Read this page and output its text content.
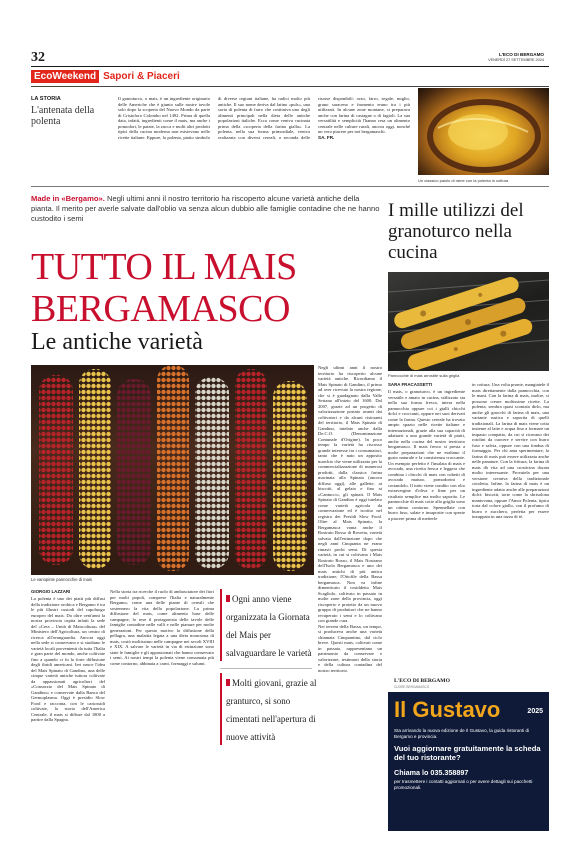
32	L'ECO DI BERGAMO
VENERDÌ 27 SETTEMBRE 2024
EcoWeekend Sapori & Piaceri
LA STORIA
L'antenata della polenta

Il granoturco, o mais, è un ingrediente originario delle Americhe che è giunto sulle nostre tavole solo dopo la scoperta del Nuovo Mondo da parte di Cristoforo Colombo nel 1492. Prima di quella data, infatti, ingredienti come il mais, ma anche i pomodori, le patate, la zucca e molti altri prodotti tipici della cucina moderna non esistevano nelle ricette italiane. Eppure, la polenta, piatto simbolo di diverse regioni italiane, ha radici molto più antiche. Il suo nome deriva dal latino «puls», una sorta di polenta di farro che costituiva uno degli alimenti principali nella dieta delle antiche popolazioni italiche. Ecco come veniva cucinata prima della «scoperta della farina gialla». La polenta, nella sua forma primordiale, veniva realizzata con diversi cereali, a seconda delle risorse disponibili: orzo, farro, segale, miglio, grano saraceno e frumento erano tra i più utilizzati. In alcune zone montane, si preparava anche con farina di castagne o di fagioli. La sua versatilità e semplicità l'hanno resa un alimento centrale nelle culture rurali, ancora oggi, nonché un vero piacere per noi bergamaschi.

SA. FR.

Un classico paiolo di rame con la polenta in cottura
Made in «Bergamo». Negli ultimi anni il nostro territorio ha riscoperto alcune varietà antiche della pianta. Il merito per averle salvate dall'oblio va senza alcun dubbio alle famiglie contadine che ne hanno custodito i semi
TUTTO IL MAIS
BERGAMASCO
Le antiche varietà
I mille utilizzi del granoturco nella cucina
Pannocchie di mais arrostite sulla griglia
SARA FRACASSETTI

Il mais, o granoturco, è un ingrediente versatile e amato in cucina, utilizzato sia nella sua forma fresca, intera nella pannocchia oppure coi i gialli chicchi dolci e croccanti, oppure nei suoi derivati come la farina. Questo cereale ha trovato ampio spazio nelle ricette italiane e internazionali, grazie alla sua capacità di adattarsi a una grande varietà di piatti, anche nella cucina del nostro territorio bergamasco. Il mais fresco si presta a molte preparazioni che ne esaltano il gusto naturale e la consistenza croccante. Un esempio perfetto è l'insalata di mais e avocado, una ricetta fresca e leggera che combina i chicchi di mais con cubetti di avocado maturo, pomodorini e coriandolo. Il tutto viene condito con olio extravergine d'oliva e lime per un risultato semplice ma molto saporito. Le pannocchie di mais cotte alla griglia sono un ottimo contorno. Spennellate con burro fuso, salate e insaporite con spezie a piacere prima di metterle

in cottura. Una volta pronte, mangiatele il mais direttamente dalla pannocchia, con le mani. Con la farina di mais, inoltre, si possono creare moltissime ricette. La polenta, sembra quasi scontato dirlo, ma anche gli gnocchi di farina di mais, una variante rustica e saporita di quelli tradizionali. La farina di mais viene cotta insieme al latte e acqua fino a formare un impasto compatto, da cui si ricavano dei rotolini da cuocere e servire con burro fuso e salvia, oppure con una fondua di formaggio. Per chi ama sperimentare, la farina di mais può essere utilizzata anche nelle panature. Con la frittura, la farina di mais dà vita ad una crosticina dorata molto interessante. Provatela per una versione creativa della tradizionale cotoletta. Infine, la farina di mais è un ingrediente adatto anche alle preparazioni dolci: biscotti, torte come la sbrisolona mantovana, oppure l'Amor Polenta, tipica torta dal colore giallo, con il profumo di burro e zucchero, perfetta per essere inzuppata in una tazza di tè.

Le variopinte pannocchie di mais
GIORGIO LAZZARI

La polenta è uno dei piatti più diffusi della tradizione orobica e Bergamo è tra le più illustri custodi del capoluogo europeo del mais. Da oltre cent'anni la nostra provincia ospita infatti la sede del «Crea – Unità di Maiscoltura» del Ministero dell'Agricoltura, un centro di ricerca all'avanguardia. Ancora oggi nella sede si conservano e si studiano le varietà locali provenienti da tutta l'Italia e gran parte del mondo, anche coltivate fino a quando ci fu la forte diffusione degli ibridi americani. Ieri nasce l'idea del Mais Spinato di Gandino, una delle cinque varietà antiche tuttora coltivate da appassionati agricoltori del «Consorzio del Mais Spinato di Gandino» e conservate dalla Banca del Germoplasma. Oggi è presidio Slow Food e racconta, con le cariossidi coltivate, la storia dell'America Centrale, il mais si diffuse dal 1800 a partire dalla Spagna.

Nella storia tra ricerche il ruolo di ambasciatore dei fiori per molti popoli, comprese l'Italia e naturalmente Bergamo, come una delle piante di cereali che sostennero la vita della popolazione. La prima diffusione del mais, come alimento base delle campagne, lo rese il protagonista delle tavole delle famiglie contadine nelle valli e nelle pianure per molte generazioni. Per questo motivo la diffusione della pellagra, una malattia legata a una dieta monotona di mais, costò moltissimo nelle campagne nei secoli XVIII e XIX. A salvare le varietà in via di estinzione sono state le famiglie e gli appassionati che hanno conservato i semi. Ai nostri tempi la polenta viene consumata più come contorno, abbinata a carni, formaggi e salumi.

Ogni anno viene organizzata la Giornata del Mais per salvaguardare le varietà
Molti giovani, grazie al granturco, si sono cimentati nell'apertura di nuove attività

Negli ultimi anni il nostro territorio ha riscoperto alcune varietà antiche. Ricordiamo il Mais Spinato di Gandino, il primo ad aver ricevuto la nostra regione, che si è guadagnato dalla Valle Seriana all'inizio del 1600. Dal 2007, grazie ad un progetto di valorizzazione portato avanti dai coltivatori e da alcuni ristoranti del territorio, il Mais Spinato di Gandino, tutelato anche dalla De.C.O. (Denominazione Comunale d'Origine). In poco tempo la varietà ha riscosso grande interesse tra i consumatori, tanto che è nato un apposito marchio che viene utilizzato per la commercializzazione di numerosi prodotti, dalla classica farina macinata alla Spinata (ancora diffusa oggi), alle gallette, ai biscotti, al gelato e fino ai «Cantucci», gli spinati. Il Mais Spinato di Gandino è oggi tutelato come varietà agricola da conservazione ed è iscritto nel registro dei Presìdi Slow Food. Oltre al Mais Spinato, la Bergamasca vanta anche il Rostrato Rosso di Rovetta, varietà salvata dall'estinzione dopo che negli anni Cinquanta ne erano rimasti pochi semi. Di questa varietà, in cui si coltivano i Mais Rostrato Rosso, il Mais Nostrano dell'Isola Bergamasca e uno dei mais antichi di più antica tradizione, l'Ottofile della Bassa bergamasca. Non va infine dimenticato il cosiddetto Mais Scagliolo, coltivato in passato in molte zone della provincia, oggi riscoperto e protetto da un nuovo gruppo di produttori che ne hanno recuperato i semi e lo coltivano con grande cura.

Nei terreni della Bassa, un tempo, si produceva anche una varietà chiamata Cinquantino, dal ciclo breve. Questi mais, coltivati come in passato, rappresentano un patrimonio da conservare e valorizzare, testimoni della storia e della cultura contadina del nostro territorio.

L'ECO DI BERGAMO
CUORE BERGAMASCO
Il Gustavo	2025
Sta arrivando la nuova edizione de Il Gustavo, la guida ristoranti di Bergamo e provincia.
Vuoi aggiornare gratuitamente la scheda del tuo ristorante?
Chiama lo 035.358897
per trasmettere i contatti aggiornati o per avere dettagli sui pacchetti promozionali.
